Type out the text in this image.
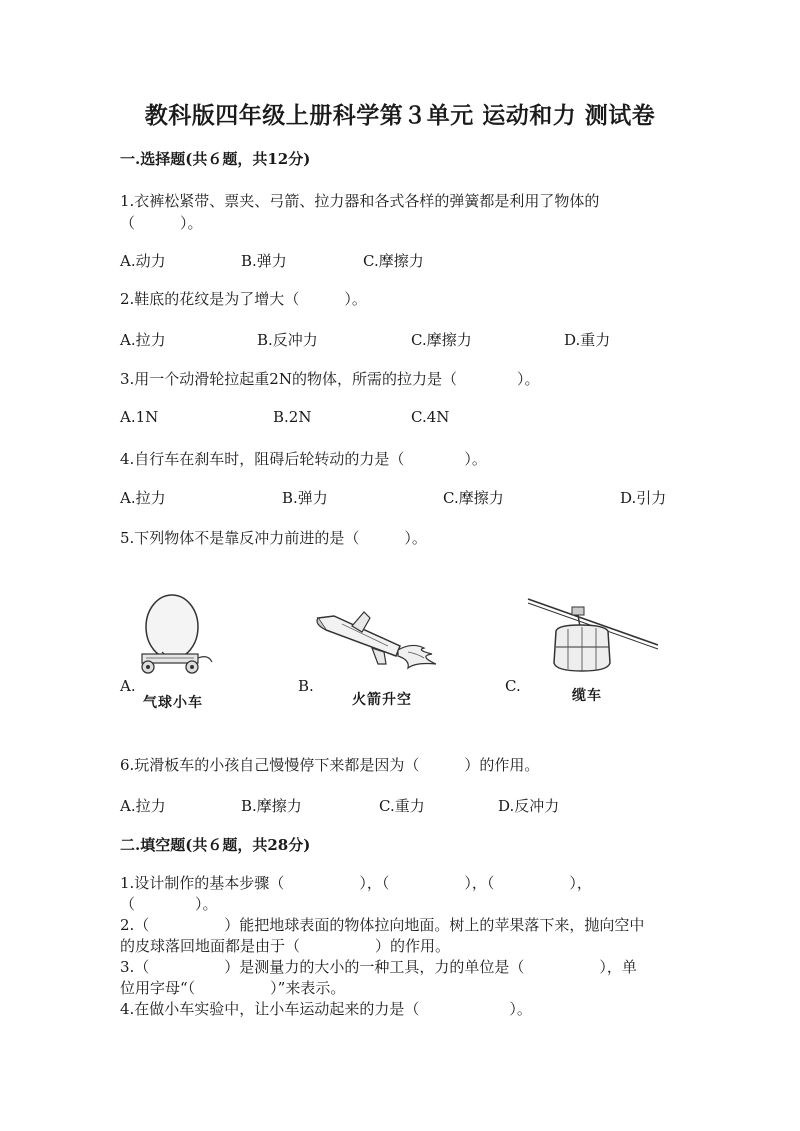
教科版四年级上册科学第３单元 运动和力 测试卷
一.选择题(共６题，共12分)
1.衣裤松紧带、票夹、弓箭、拉力器和各式各样的弹簧都是利用了物体的
（　　　）。
A.动力	B.弹力	C.摩擦力
2.鞋底的花纹是为了增大（　　　）。
A.拉力	B.反冲力	C.摩擦力	D.重力
3.用一个动滑轮拉起重2N的物体，所需的拉力是（　　　　）。
A.1N	B.2N	C.4N
4.自行车在刹车时，阻碍后轮转动的力是（　　　　）。
A.拉力	B.弹力	C.摩擦力	D.引力
5.下列物体不是靠反冲力前进的是（　　　）。
A.
气球小车
B.
火箭升空
C.
缆车
6.玩滑板车的小孩自己慢慢停下来都是因为（　　　）的作用。
A.拉力	B.摩擦力	C.重力	D.反冲力
二.填空题(共６题，共28分)
1.设计制作的基本步骤（　　　　　），（　　　　　），（　　　　　），
（　　　　）。
2.（　　　　　）能把地球表面的物体拉向地面。树上的苹果落下来，抛向空中
的皮球落回地面都是由于（　　　　　）的作用。
3.（　　　　　）是测量力的大小的一种工具，力的单位是（　　　　　），单
位用字母“（　　　　　）”来表示。
4.在做小车实验中，让小车运动起来的力是（　　　　　　）。
